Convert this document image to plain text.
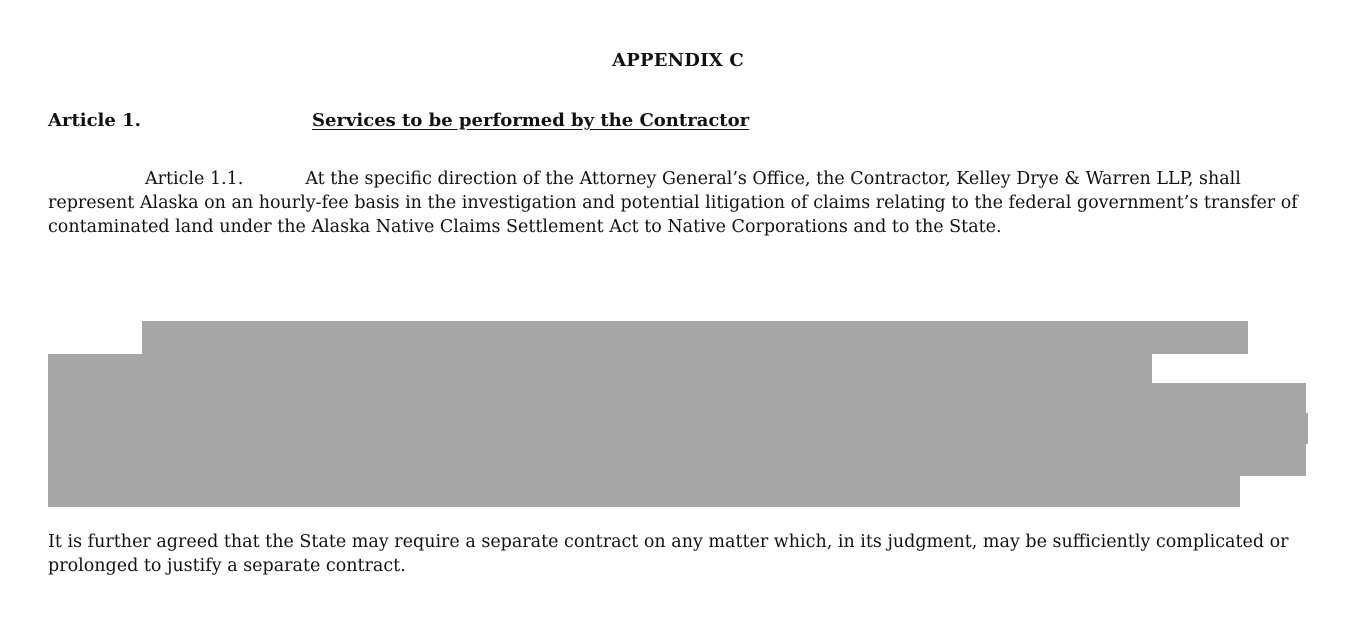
APPENDIX C
Article 1.	Services to be performed by the Contractor
Article 1.1.	At the specific direction of the Attorney General’s Office, the Contractor, Kelley Drye & Warren LLP, shall represent Alaska on an hourly-fee basis in the investigation and potential litigation of claims relating to the federal government’s transfer of contaminated land under the Alaska Native Claims Settlement Act to Native Corporations and to the State.
It is further agreed that the State may require a separate contract on any matter which, in its judgment, may be sufficiently complicated or prolonged to justify a separate contract.
